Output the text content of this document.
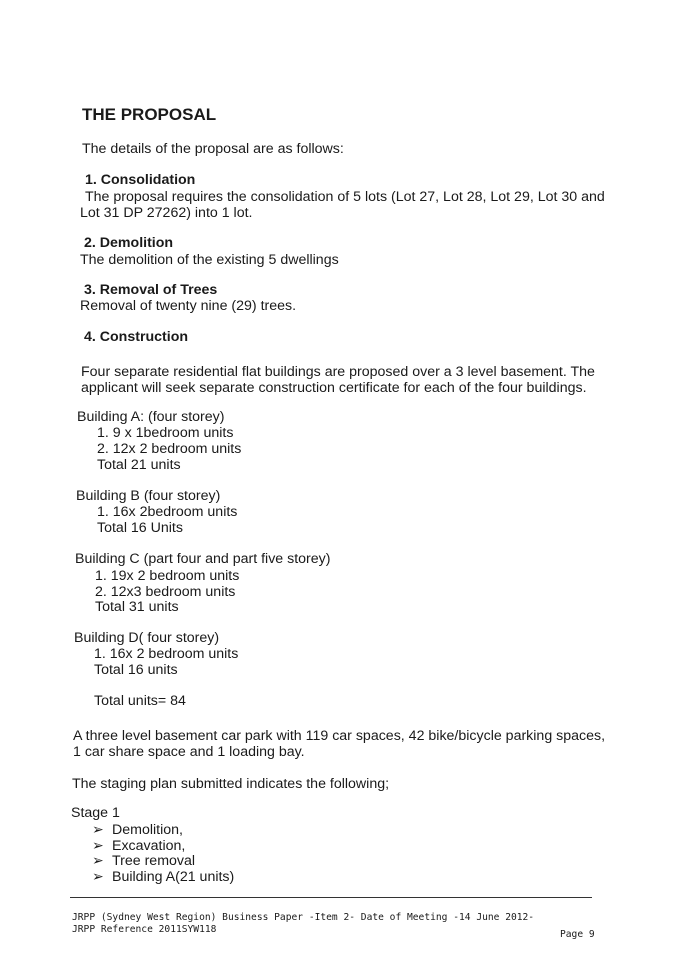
THE PROPOSAL
The details of the proposal are as follows:
1. Consolidation
The proposal requires the consolidation of 5 lots (Lot 27, Lot 28, Lot 29, Lot 30 and
Lot 31 DP 27262) into 1 lot.
2. Demolition
The demolition of the existing 5 dwellings
3. Removal of Trees
Removal of twenty nine (29) trees.
4. Construction
Four separate residential flat buildings are proposed over a 3 level basement. The
applicant will seek separate construction certificate for each of the four buildings.
Building A: (four storey)
1. 9 x 1bedroom units
2. 12x 2 bedroom units
Total 21 units
Building B (four storey)
1. 16x 2bedroom units
Total 16 Units
Building C (part four and part five storey)
1. 19x 2 bedroom units
2. 12x3 bedroom units
Total 31 units
Building D( four storey)
1. 16x 2 bedroom units
Total 16 units
Total units= 84
A three level basement car park with 119 car spaces, 42 bike/bicycle parking spaces,
1 car share space and 1 loading bay.
The staging plan submitted indicates the following;
Stage 1
➢ Demolition,
➢ Excavation,
➢ Tree removal
➢ Building A(21 units)
JRPP (Sydney West Region) Business Paper -Item 2- Date of Meeting -14 June 2012-
JRPP Reference 2011SYW118	Page 9
